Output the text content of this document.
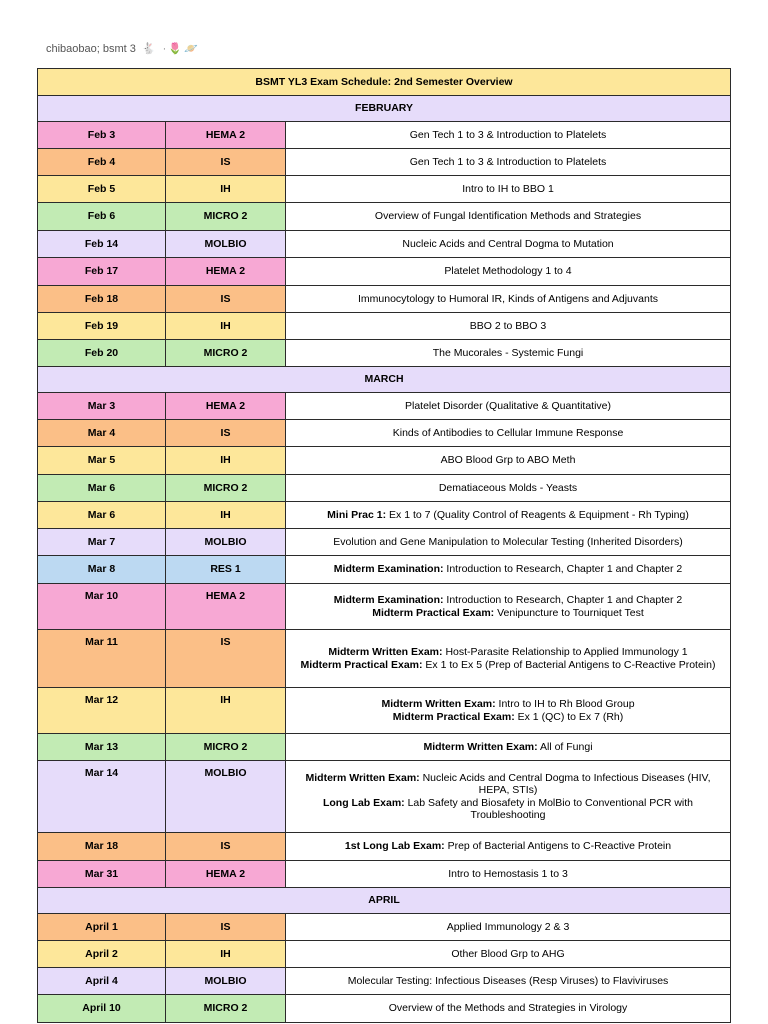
chibaobao; bsmt 3 🐇 ·🌷🪐
BSMT YL3 Exam Schedule: 2nd Semester Overview		
FEBRUARY		
Feb 3	HEMA 2	Gen Tech 1 to 3 & Introduction to Platelets

Feb 4	IS	Gen Tech 1 to 3 & Introduction to Platelets

Feb 5	IH	Intro to IH to BBO 1

Feb 6	MICRO 2	Overview of Fungal Identification Methods and Strategies

Feb 14	MOLBIO	Nucleic Acids and Central Dogma to Mutation

Feb 17	HEMA 2	Platelet Methodology 1 to 4

Feb 18	IS	Immunocytology to Humoral IR, Kinds of Antigens and Adjuvants

Feb 19	IH	BBO 2 to BBO 3

Feb 20	MICRO 2	The Mucorales - Systemic Fungi

MARCH		
Mar 3	HEMA 2	Platelet Disorder (Qualitative & Quantitative)

Mar 4	IS	Kinds of Antibodies to Cellular Immune Response

Mar 5	IH	ABO Blood Grp to ABO Meth

Mar 6	MICRO 2	Dematiaceous Molds - Yeasts

Mar 6	IH	Mini Prac 1: Ex 1 to 7 (Quality Control of Reagents & Equipment - Rh Typing)

Mar 7	MOLBIO	Evolution and Gene Manipulation to Molecular Testing (Inherited Disorders)

Mar 8	RES 1	Midterm Examination: Introduction to Research, Chapter 1 and Chapter 2

Mar 10	HEMA 2	Midterm Examination: Introduction to Research, Chapter 1 and Chapter 2
Midterm Practical Exam: Venipuncture to Tourniquet Test

Mar 11	IS	Midterm Written Exam: Host-Parasite Relationship to Applied Immunology 1
Midterm Practical Exam: Ex 1 to Ex 5 (Prep of Bacterial Antigens to C-Reactive Protein)

Mar 12	IH	Midterm Written Exam: Intro to IH to Rh Blood Group
Midterm Practical Exam: Ex 1 (QC) to Ex 7 (Rh)

Mar 13	MICRO 2	Midterm Written Exam: All of Fungi

Mar 14	MOLBIO	Midterm Written Exam: Nucleic Acids and Central Dogma to Infectious Diseases (HIV, HEPA, STIs)
Long Lab Exam: Lab Safety and Biosafety in MolBio to Conventional PCR with Troubleshooting

Mar 18	IS	1st Long Lab Exam: Prep of Bacterial Antigens to C-Reactive Protein

Mar 31	HEMA 2	Intro to Hemostasis 1 to 3

APRIL		
April 1	IS	Applied Immunology 2 & 3

April 2	IH	Other Blood Grp to AHG

April 4	MOLBIO	Molecular Testing: Infectious Diseases (Resp Viruses) to Flaviviruses

April 10	MICRO 2	Overview of the Methods and Strategies in Virology
